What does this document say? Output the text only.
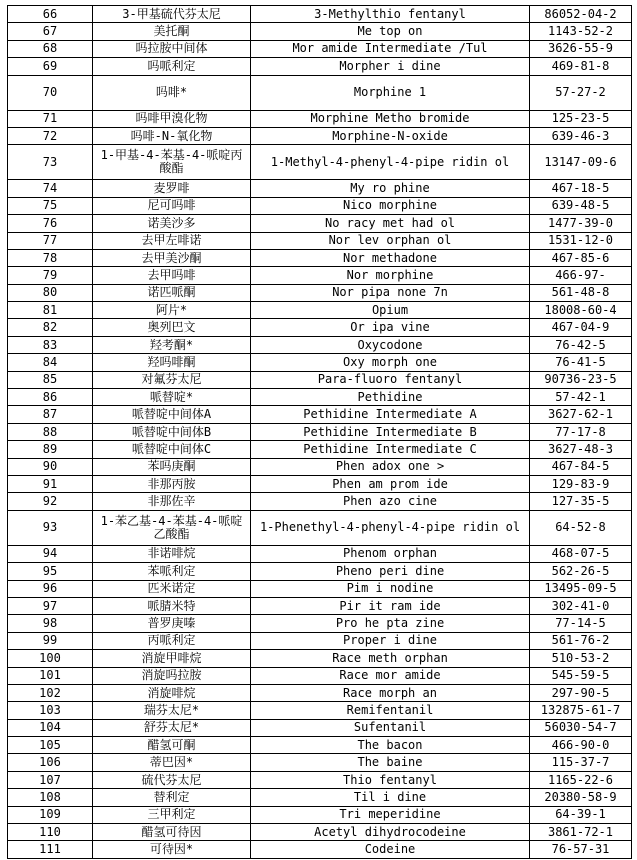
66	3-甲基硫代芬太尼	3-Methylthio fentanyl	86052-04-2
67	美托酮	Me top on	1143-52-2
68	吗拉胺中间体	Mor amide Intermediate /Tul	3626-55-9
69	吗哌利定	Morpher i dine	469-81-8
70	吗啡*	Morphine 1	57-27-2
71	吗啡甲溴化物	Morphine Metho bromide	125-23-5
72	吗啡-N-氧化物	Morphine-N-oxide	639-46-3
73	1-甲基-4-苯基-4-哌啶丙酸酯	1-Methyl-4-phenyl-4-pipe ridin ol	13147-09-6
74	麦罗啡	My ro phine	467-18-5
75	尼可吗啡	Nico morphine	639-48-5
76	诺美沙多	No racy met had ol	1477-39-0
77	去甲左啡诺	Nor lev orphan ol	1531-12-0
78	去甲美沙酮	Nor methadone	467-85-6
79	去甲吗啡	Nor morphine	466-97-
80	诺匹哌酮	Nor pipa none 7n	561-48-8
81	阿片*	Opium	18008-60-4
82	奥列巴文	Or ipa vine	467-04-9
83	羟考酮*	Oxycodone	76-42-5
84	羟吗啡酮	Oxy morph one	76-41-5
85	对氟芬太尼	Para-fluoro fentanyl	90736-23-5
86	哌替啶*	Pethidine	57-42-1
87	哌替啶中间体A	Pethidine Intermediate A	3627-62-1
88	哌替啶中间体B	Pethidine Intermediate B	77-17-8
89	哌替啶中间体C	Pethidine Intermediate C	3627-48-3
90	苯吗庚酮	Phen adox one >	467-84-5
91	非那丙胺	Phen am prom ide	129-83-9
92	非那佐辛	Phen azo cine	127-35-5
93	1-苯乙基-4-苯基-4-哌啶乙酸酯	1-Phenethyl-4-phenyl-4-pipe ridin ol	64-52-8
94	非诺啡烷	Phenom orphan	468-07-5
95	苯哌利定	Pheno peri dine	562-26-5
96	匹米诺定	Pim i nodine	13495-09-5
97	哌腈米特	Pir it ram ide	302-41-0
98	普罗庚嗪	Pro he pta zine	77-14-5
99	丙哌利定	Proper i dine	561-76-2
100	消旋甲啡烷	Race meth orphan	510-53-2
101	消旋吗拉胺	Race mor amide	545-59-5
102	消旋啡烷	Race morph an	297-90-5
103	瑞芬太尼*	Remifentanil	132875-61-7
104	舒芬太尼*	Sufentanil	56030-54-7
105	醋氢可酮	The bacon	466-90-0
106	蒂巴因*	The baine	115-37-7
107	硫代芬太尼	Thio fentanyl	1165-22-6
108	替利定	Til i dine	20380-58-9
109	三甲利定	Tri meperidine	64-39-1
110	醋氢可待因	Acetyl dihydrocodeine	3861-72-1
111	可待因*	Codeine	76-57-31
